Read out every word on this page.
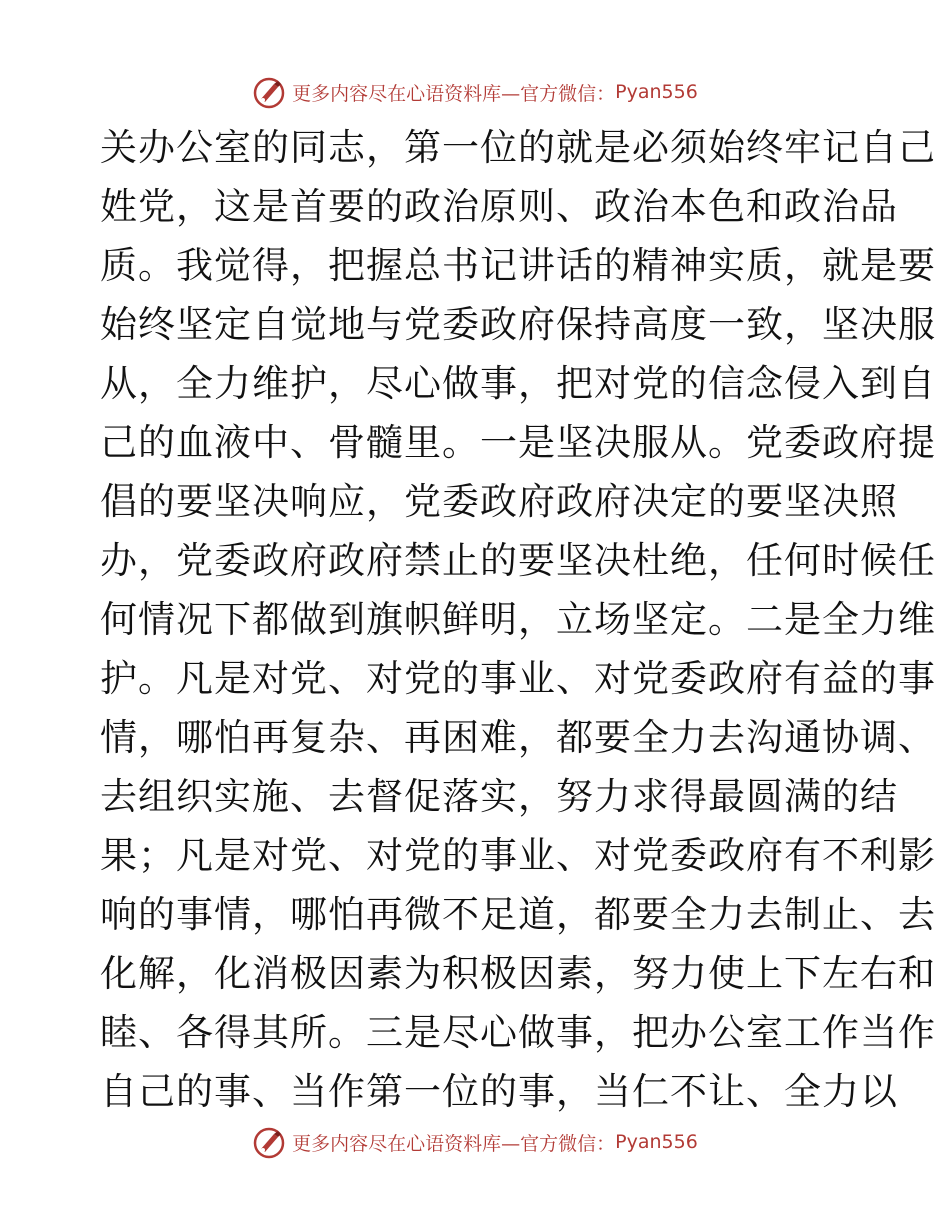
更多内容尽在心语资料库—官方微信： Pyan556
关办公室的同志，第一位的就是必须始终牢记自己
姓党，这是首要的政治原则、政治本色和政治品
质。我觉得，把握总书记讲话的精神实质，就是要
始终坚定自觉地与党委政府保持高度一致，坚决服
从，全力维护，尽心做事，把对党的信念侵入到自
己的血液中、骨髓里。一是坚决服从。党委政府提
倡的要坚决响应，党委政府政府决定的要坚决照
办，党委政府政府禁止的要坚决杜绝，任何时候任
何情况下都做到旗帜鲜明，立场坚定。二是全力维
护。凡是对党、对党的事业、对党委政府有益的事
情，哪怕再复杂、再困难，都要全力去沟通协调、
去组织实施、去督促落实，努力求得最圆满的结
果；凡是对党、对党的事业、对党委政府有不利影
响的事情，哪怕再微不足道，都要全力去制止、去
化解，化消极因素为积极因素，努力使上下左右和
睦、各得其所。三是尽心做事，把办公室工作当作
自己的事、当作第一位的事，当仁不让、全力以
更多内容尽在心语资料库—官方微信： Pyan556
